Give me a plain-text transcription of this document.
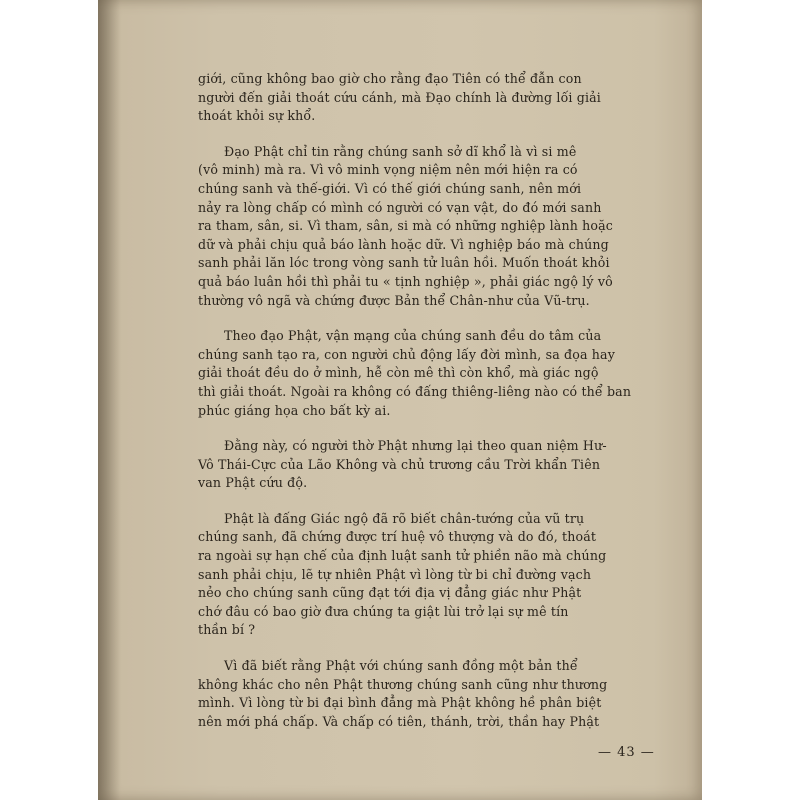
giới, cũng không bao giờ cho rằng đạo Tiên có thể đẫn con
người đến giải thoát cứu cánh, mà Đạo chính là đường lối giải
thoát khỏi sự khổ.

Đạo Phật chỉ tin rằng chúng sanh sở dĩ khổ là vì si mê
(vô minh) mà ra. Vì vô minh vọng niệm nên mới hiện ra có
chúng sanh và thế-giới. Vì có thế giới chúng sanh, nên mới
nảy ra lòng chấp có mình có người có vạn vật, do đó mới sanh
ra tham, sân, si. Vì tham, sân, si mà có những nghiệp lành hoặc
dữ và phải chịu quả báo lành hoặc dữ. Vì nghiệp báo mà chúng
sanh phải lăn lóc trong vòng sanh tử luân hồi. Muốn thoát khỏi
quả báo luân hồi thì phải tu « tịnh nghiệp », phải giác ngộ lý vô
thường vô ngã và chứng được Bản thể Chân-như của Vũ-trụ.

Theo đạo Phật, vận mạng của chúng sanh đều do tâm của
chúng sanh tạo ra, con người chủ động lấy đời mình, sa đọa hay
giải thoát đều do ở mình, hễ còn mê thì còn khổ, mà giác ngộ
thì giải thoát. Ngoài ra không có đấng thiêng-liêng nào có thể ban
phúc giáng họa cho bất kỳ ai.

Đằng này, có người thờ Phật nhưng lại theo quan niệm Hư-
Vô Thái-Cực của Lão Không và chủ trương cầu Trời khẩn Tiên
van Phật cứu độ.

Phật là đấng Giác ngộ đã rõ biết chân-tướng của vũ trụ
chúng sanh, đã chứng được trí huệ vô thượng và do đó, thoát
ra ngoài sự hạn chế của định luật sanh tử phiền não mà chúng
sanh phải chịu, lẽ tự nhiên Phật vì lòng từ bi chỉ đường vạch
nẻo cho chúng sanh cũng đạt tới địa vị đẳng giác như Phật
chớ đâu có bao giờ đưa chúng ta giật lùi trở lại sự mê tín
thần bí ?

Vì đã biết rằng Phật với chúng sanh đồng một bản thể
không khác cho nên Phật thương chúng sanh cũng như thương
mình. Vì lòng từ bi đại bình đẳng mà Phật không hề phân biệt
nên mới phá chấp. Và chấp có tiên, thánh, trời, thần hay Phật

— 43 —
